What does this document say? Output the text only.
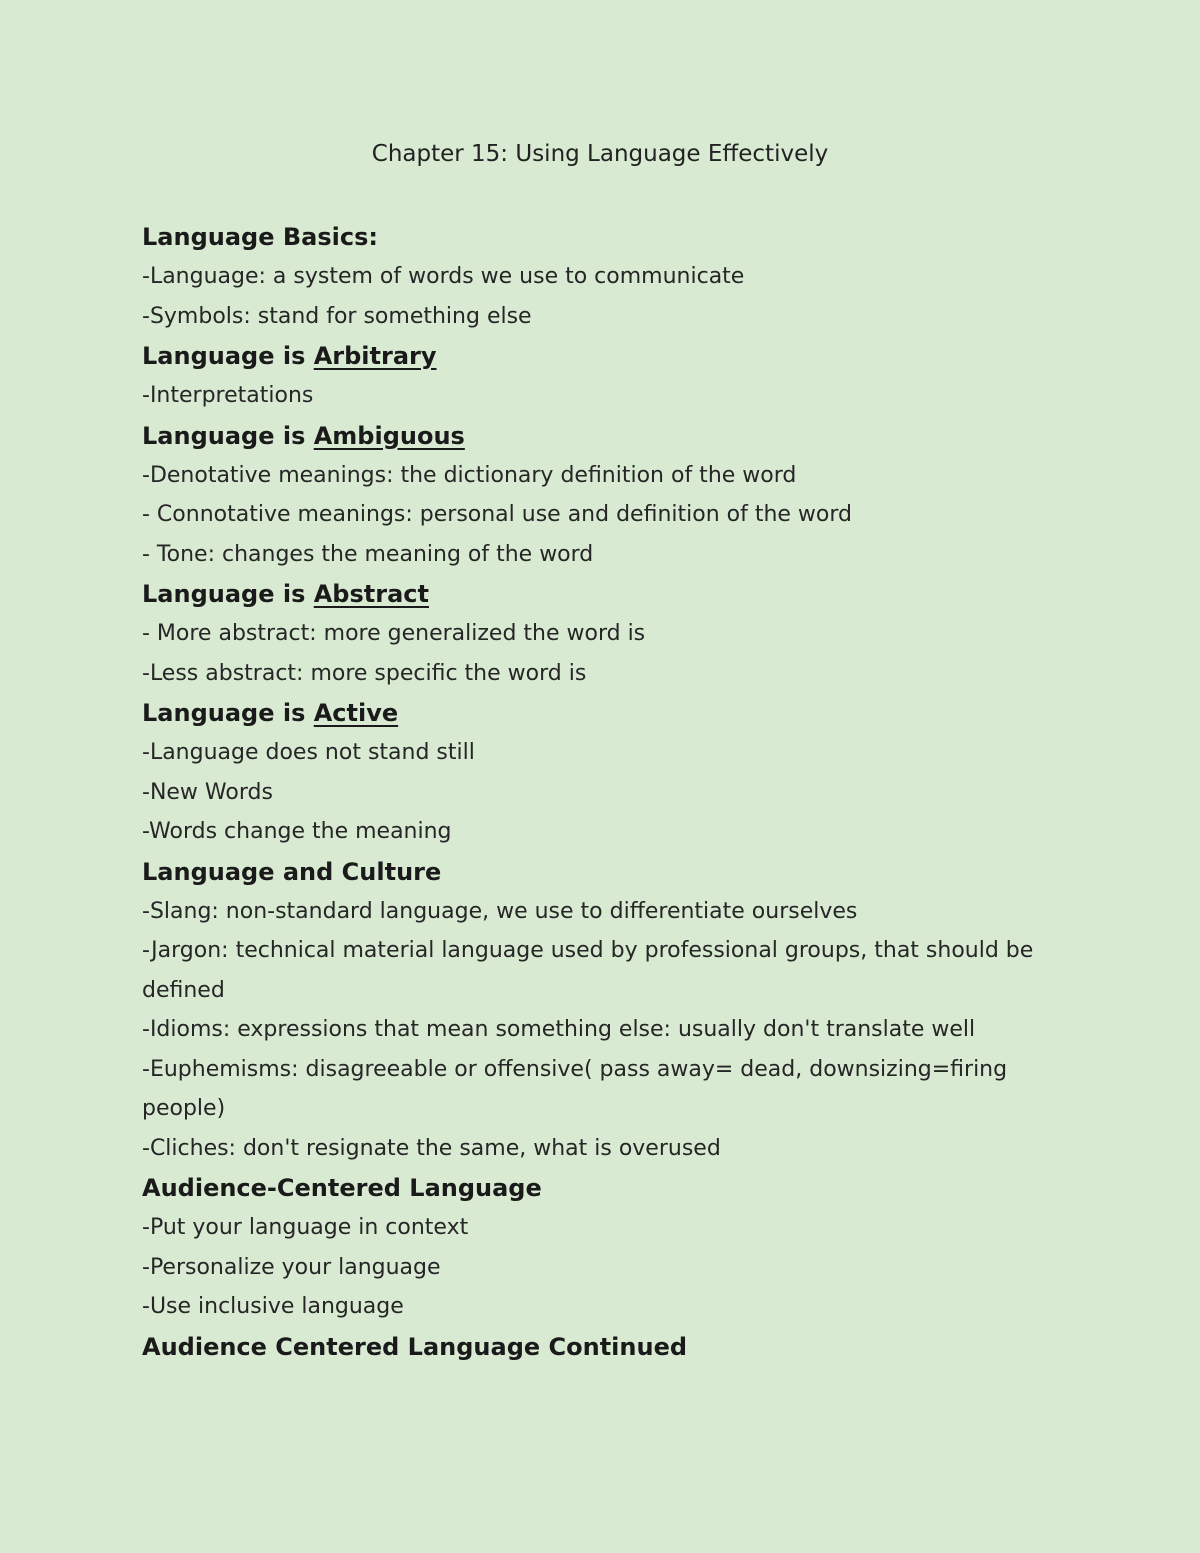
Chapter 15: Using Language Effectively
Language Basics:
-Language: a system of words we use to communicate
-Symbols: stand for something else
Language is Arbitrary
-Interpretations
Language is Ambiguous
-Denotative meanings: the dictionary definition of the word
- Connotative meanings: personal use and definition of the word
- Tone: changes the meaning of the word
Language is Abstract
- More abstract: more generalized the word is
-Less abstract: more specific the word is
Language is Active
-Language does not stand still
-New Words
-Words change the meaning
Language and Culture
-Slang: non-standard language, we use to differentiate ourselves
-Jargon: technical material language used by professional groups, that should be defined
-Idioms: expressions that mean something else: usually don't translate well
-Euphemisms: disagreeable or offensive( pass away= dead, downsizing=firing people)
-Cliches: don't resignate the same, what is overused
Audience-Centered Language
-Put your language in context
-Personalize your language
-Use inclusive language
Audience Centered Language Continued
